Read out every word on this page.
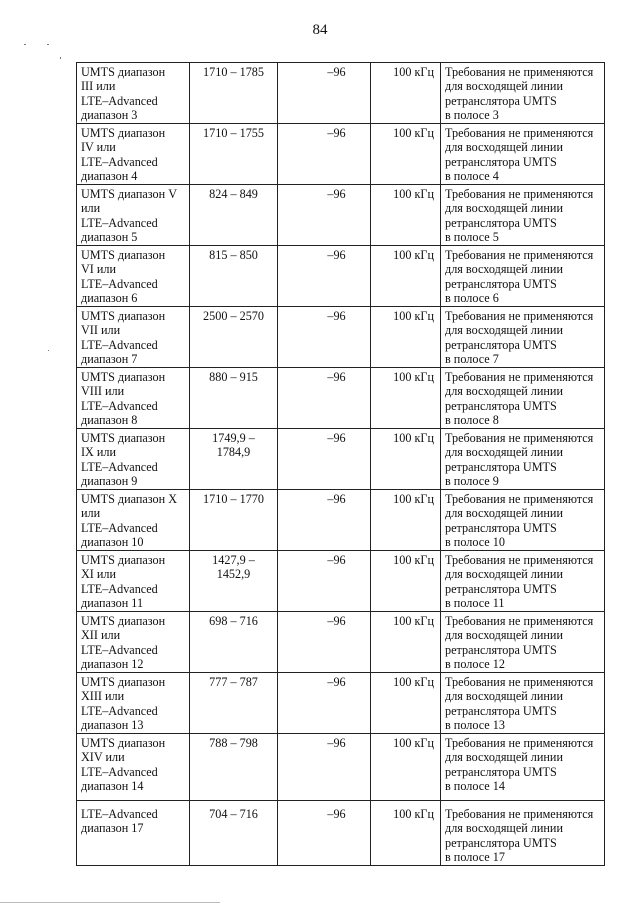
84
UMTS диапазон
III или
LTE–Advanced
диапазон 3	1710 – 1785	–96	100 кГц	Требования не применяются
для восходящей линии
ретранслятора UMTS
в полосе 3

UMTS диапазон
IV или
LTE–Advanced
диапазон 4	1710 – 1755	–96	100 кГц	Требования не применяются
для восходящей линии
ретранслятора UMTS
в полосе 4

UMTS диапазон V
или
LTE–Advanced
диапазон 5	824 – 849	–96	100 кГц	Требования не применяются
для восходящей линии
ретранслятора UMTS
в полосе 5

UMTS диапазон
VI или
LTE–Advanced
диапазон 6	815 – 850	–96	100 кГц	Требования не применяются
для восходящей линии
ретранслятора UMTS
в полосе 6

UMTS диапазон
VII или
LTE–Advanced
диапазон 7	2500 – 2570	–96	100 кГц	Требования не применяются
для восходящей линии
ретранслятора UMTS
в полосе 7

UMTS диапазон
VIII или
LTE–Advanced
диапазон 8	880 – 915	–96	100 кГц	Требования не применяются
для восходящей линии
ретранслятора UMTS
в полосе 8

UMTS диапазон
IX или
LTE–Advanced
диапазон 9	1749,9 –
1784,9	–96	100 кГц	Требования не применяются
для восходящей линии
ретранслятора UMTS
в полосе 9

UMTS диапазон X
или
LTE–Advanced
диапазон 10	1710 – 1770	–96	100 кГц	Требования не применяются
для восходящей линии
ретранслятора UMTS
в полосе 10

UMTS диапазон
XI или
LTE–Advanced
диапазон 11	1427,9 –
1452,9	–96	100 кГц	Требования не применяются
для восходящей линии
ретранслятора UMTS
в полосе 11

UMTS диапазон
XII или
LTE–Advanced
диапазон 12	698 – 716	–96	100 кГц	Требования не применяются
для восходящей линии
ретранслятора UMTS
в полосе 12

UMTS диапазон
XIII или
LTE–Advanced
диапазон 13	777 – 787	–96	100 кГц	Требования не применяются
для восходящей линии
ретранслятора UMTS
в полосе 13

UMTS диапазон
XIV или
LTE–Advanced
диапазон 14	788 – 798	–96	100 кГц	Требования не применяются
для восходящей линии
ретранслятора UMTS
в полосе 14

LTE–Advanced
диапазон 17	704 – 716	–96	100 кГц	Требования не применяются
для восходящей линии
ретранслятора UMTS
в полосе 17
